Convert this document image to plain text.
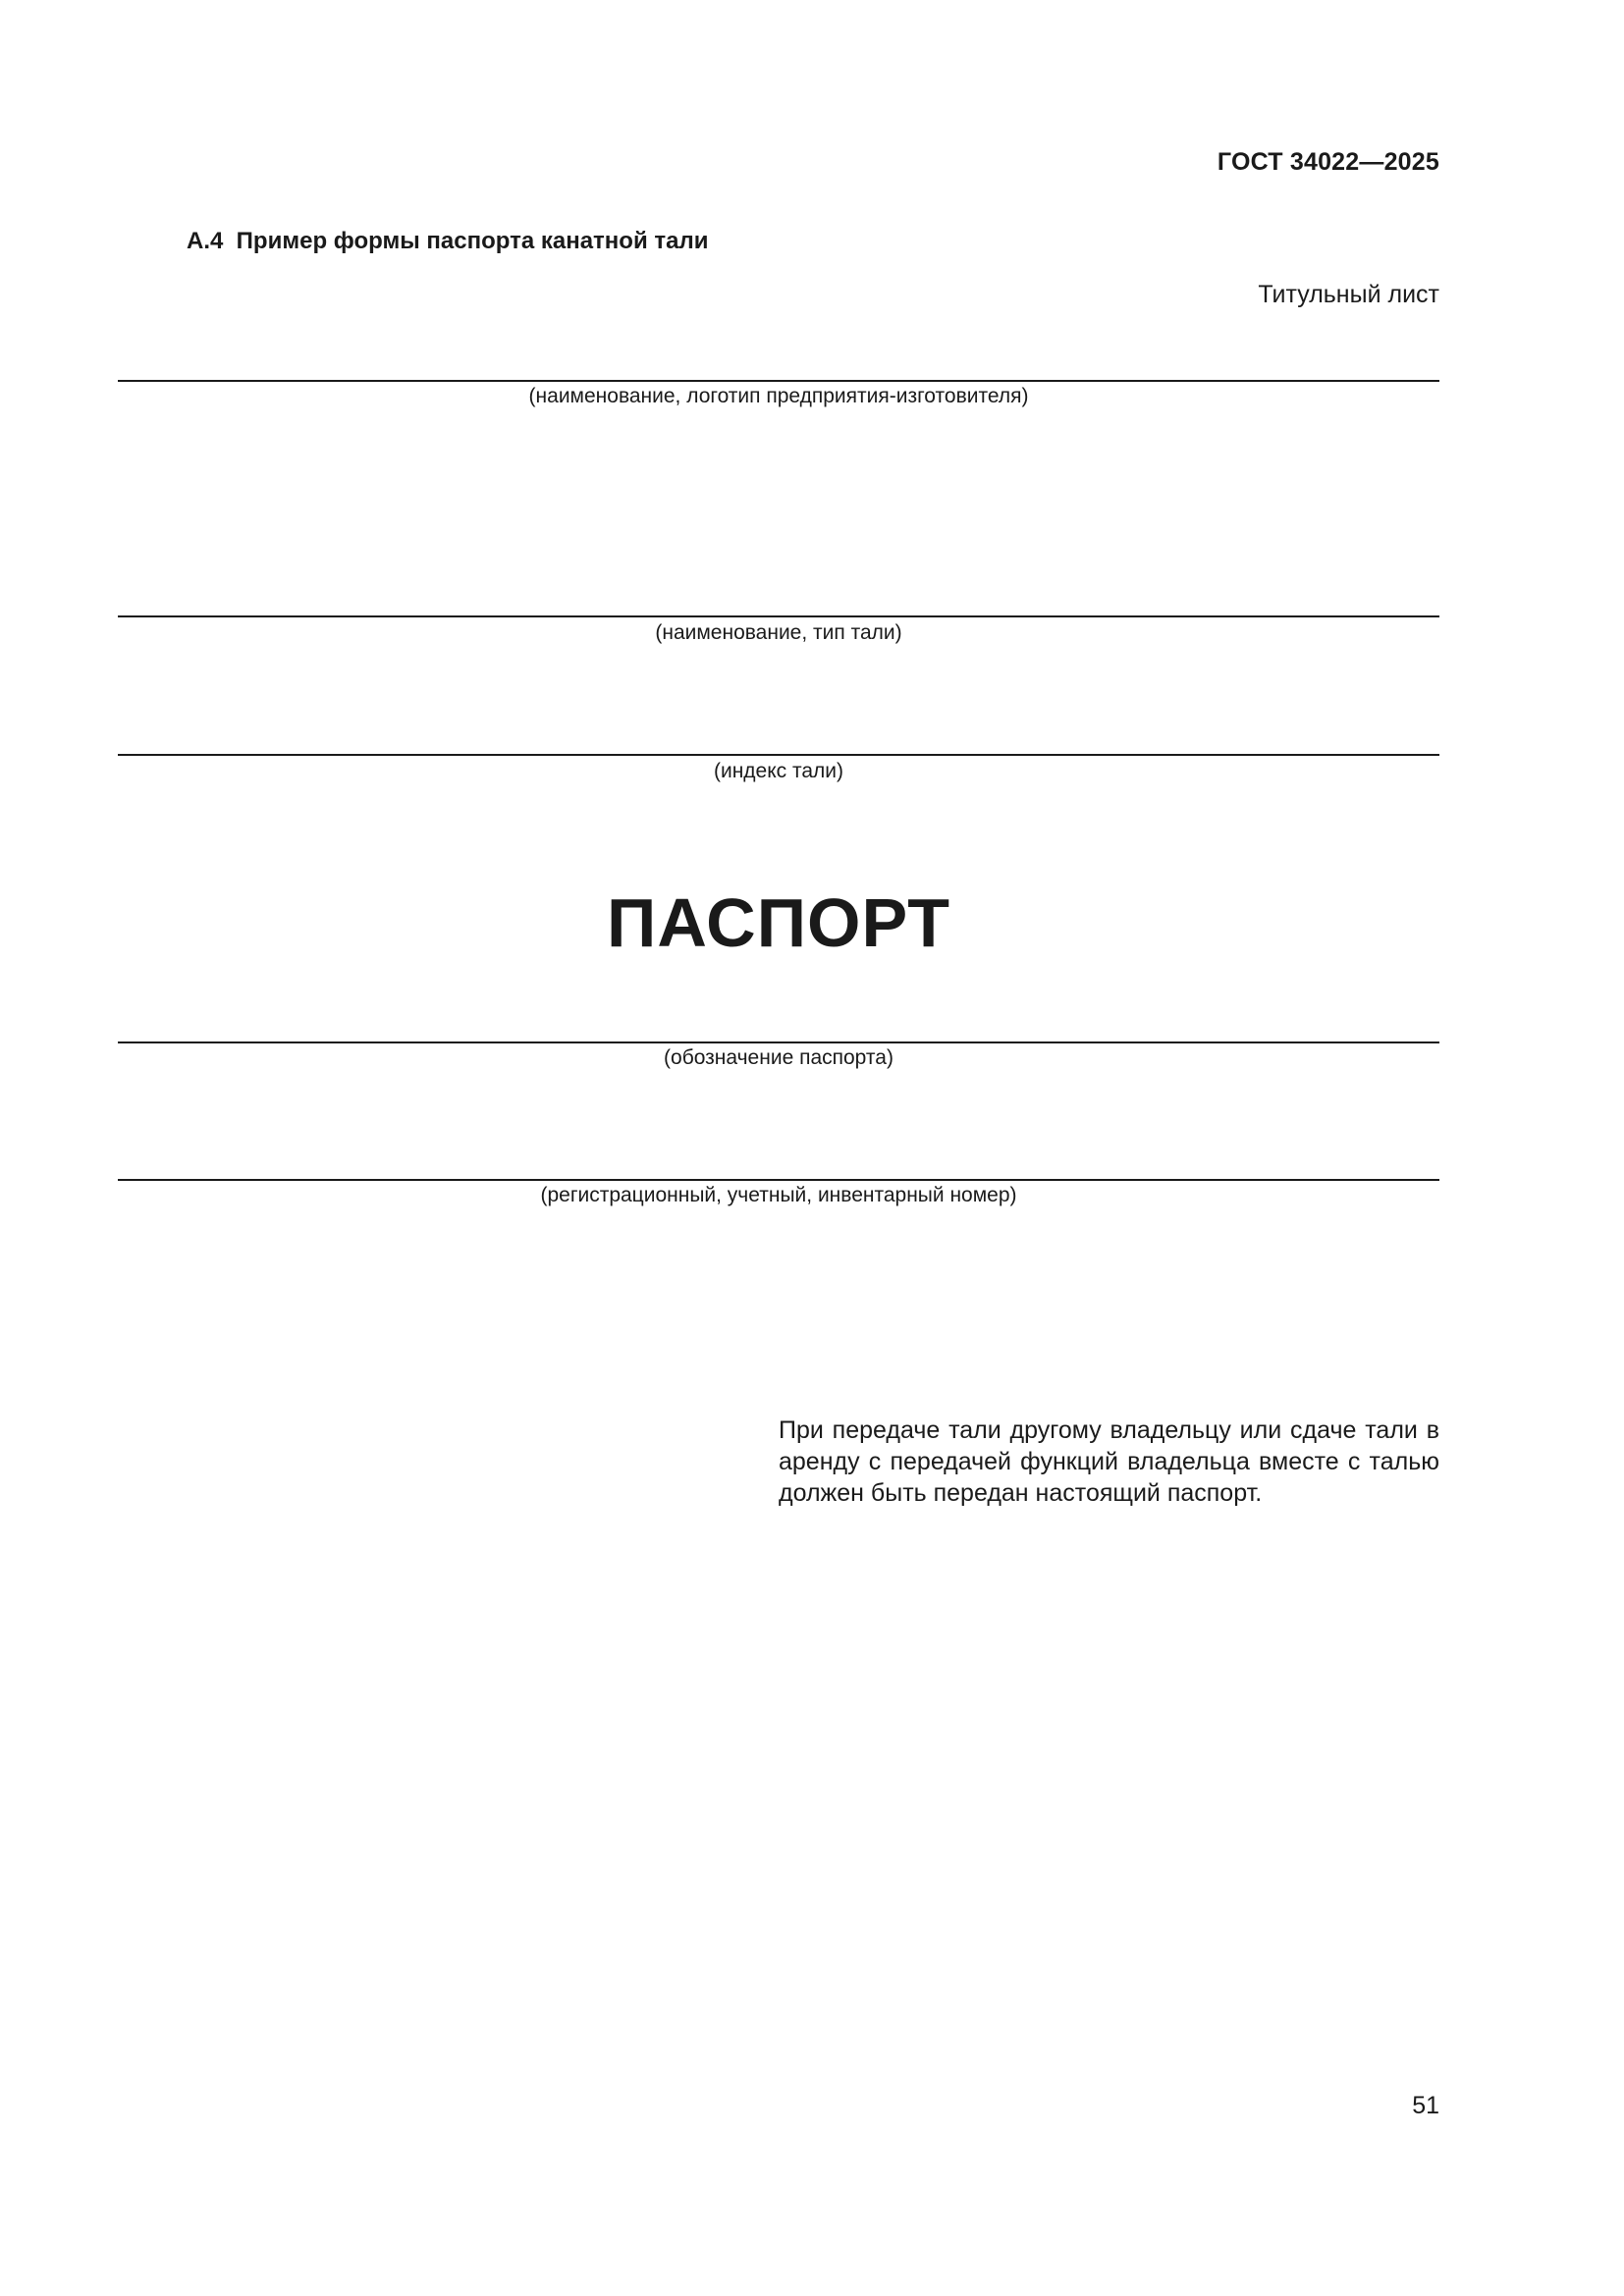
ГОСТ 34022—2025
А.4  Пример формы паспорта канатной тали
Титульный лист
(наименование, логотип предприятия-изготовителя)
(наименование, тип тали)
(индекс тали)
ПАСПОРТ
(обозначение паспорта)
(регистрационный, учетный, инвентарный номер)
При передаче тали другому владельцу или сдаче тали в аренду с передачей функций владельца вместе с талью должен быть передан настоящий паспорт.
51
